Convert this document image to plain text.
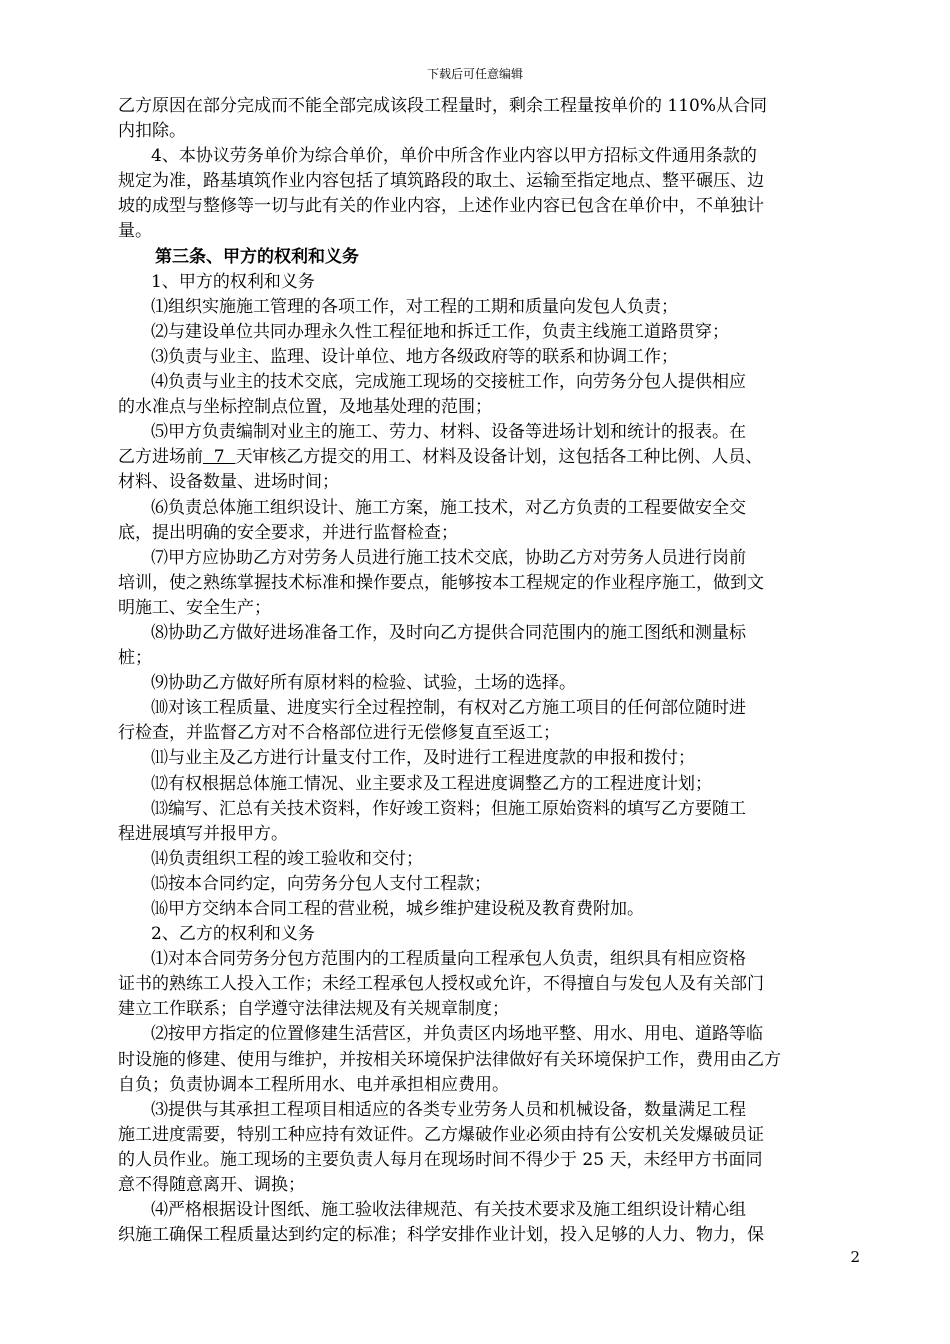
下载后可任意编辑
乙方原因在部分完成而不能全部完成该段工程量时，剩余工程量按单价的 110%从合同
内扣除。
4、本协议劳务单价为综合单价，单价中所含作业内容以甲方招标文件通用条款的
规定为准，路基填筑作业内容包括了填筑路段的取土、运输至指定地点、整平碾压、边
坡的成型与整修等一切与此有关的作业内容，上述作业内容已包含在单价中，不单独计
量。
第三条、甲方的权利和义务
1、甲方的权利和义务
⑴组织实施施工管理的各项工作，对工程的工期和质量向发包人负责；
⑵与建设单位共同办理永久性工程征地和拆迁工作，负责主线施工道路贯穿；
⑶负责与业主、监理、设计单位、地方各级政府等的联系和协调工作；
⑷负责与业主的技术交底，完成施工现场的交接桩工作，向劳务分包人提供相应
的水准点与坐标控制点位置，及地基处理的范围；
⑸甲方负责编制对业主的施工、劳力、材料、设备等进场计划和统计的报表。在
乙方进场前  7  天审核乙方提交的用工、材料及设备计划，这包括各工种比例、人员、
材料、设备数量、进场时间；
⑹负责总体施工组织设计、施工方案，施工技术，对乙方负责的工程要做安全交
底，提出明确的安全要求，并进行监督检查；
⑺甲方应协助乙方对劳务人员进行施工技术交底，协助乙方对劳务人员进行岗前
培训，使之熟练掌握技术标准和操作要点，能够按本工程规定的作业程序施工，做到文
明施工、安全生产；
⑻协助乙方做好进场准备工作，及时向乙方提供合同范围内的施工图纸和测量标
桩；
⑼协助乙方做好所有原材料的检验、试验，土场的选择。
⑽对该工程质量、进度实行全过程控制，有权对乙方施工项目的任何部位随时进
行检查，并监督乙方对不合格部位进行无偿修复直至返工；
⑾与业主及乙方进行计量支付工作，及时进行工程进度款的申报和拨付；
⑿有权根据总体施工情况、业主要求及工程进度调整乙方的工程进度计划；
⒀编写、汇总有关技术资料，作好竣工资料；但施工原始资料的填写乙方要随工
程进展填写并报甲方。
⒁负责组织工程的竣工验收和交付；
⒂按本合同约定，向劳务分包人支付工程款；
⒃甲方交纳本合同工程的营业税，城乡维护建设税及教育费附加。
2、乙方的权利和义务
⑴对本合同劳务分包方范围内的工程质量向工程承包人负责，组织具有相应资格
证书的熟练工人投入工作；未经工程承包人授权或允许，不得擅自与发包人及有关部门
建立工作联系；自学遵守法律法规及有关规章制度；
⑵按甲方指定的位置修建生活营区，并负责区内场地平整、用水、用电、道路等临
时设施的修建、使用与维护，并按相关环境保护法律做好有关环境保护工作，费用由乙方
自负；负责协调本工程所用水、电并承担相应费用。
⑶提供与其承担工程项目相适应的各类专业劳务人员和机械设备，数量满足工程
施工进度需要，特别工种应持有效证件。乙方爆破作业必须由持有公安机关发爆破员证
的人员作业。施工现场的主要负责人每月在现场时间不得少于 25 天，未经甲方书面同
意不得随意离开、调换；
⑷严格根据设计图纸、施工验收法律规范、有关技术要求及施工组织设计精心组
织施工确保工程质量达到约定的标准；科学安排作业计划，投入足够的人力、物力，保
2
